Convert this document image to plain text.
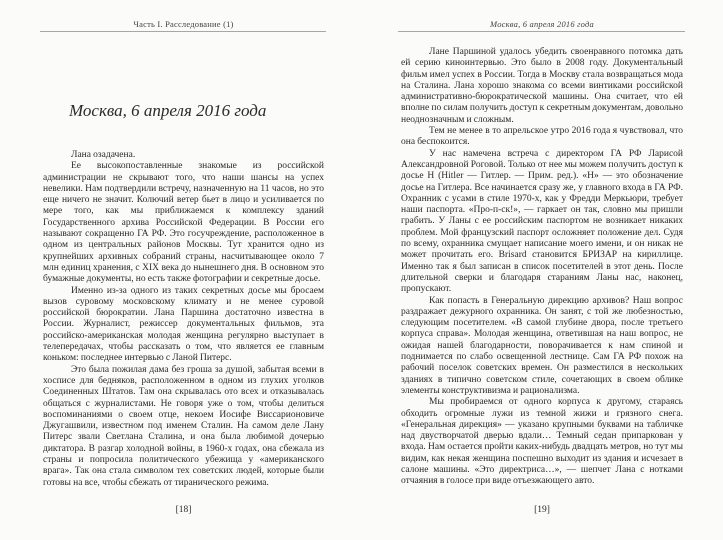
Часть I. Расследование (1)
Москва, 6 апреля 2016 года

Лана озадачена.

Ее высокопоставленные знакомые из российской администрации не скрывают того, что наши шансы на успех невелики. Нам подтвердили встречу, назначенную на 11 часов, но это еще ничего не значит. Колючий ветер бьет в лицо и усиливается по мере того, как мы приближаемся к комплексу зданий Государственного архива Российской Федерации. В России его называют сокращенно ГА РФ. Это госучреждение, расположенное в одном из центральных районов Москвы. Тут хранится одно из крупнейших архивных собраний страны, насчитывающее около 7 млн единиц хранения, с XIX века до нынешнего дня. В основном это бумажные документы, но есть также фотографии и секретные досье.

Именно из-за одного из таких секретных досье мы бросаем вызов суровому московскому климату и не менее суровой российской бюрократии. Лана Паршина достаточно известна в России. Журналист, режиссер документальных фильмов, эта российско-американская молодая женщина регулярно выступает в телепередачах, чтобы рассказать о том, что является ее главным коньком: последнее интервью с Ланой Питерс.

Это была пожилая дама без гроша за душой, забытая всеми в хосписе для бедняков, расположенном в одном из глухих уголков Соединенных Штатов. Там она скрывалась ото всех и отказывалась общаться с журналистами. Не говоря уже о том, чтобы делиться воспоминаниями о своем отце, некоем Иосифе Виссарионовиче Джугашвили, известном под именем Сталин. На самом деле Лану Питерс звали Светлана Сталина, и она была любимой дочерью диктатора. В разгар холодной войны, в 1960-х годах, она сбежала из страны и попросила политического убежища у «американского врага». Так она стала символом тех советских людей, которые были готовы на все, чтобы сбежать от тиранического режима.

[18]
Москва, 6 апреля 2016 года

Лане Паршиной удалось убедить своенравного потомка дать ей серию киноинтервью. Это было в 2008 году. Документальный фильм имел успех в России. Тогда в Москву стала возвращаться мода на Сталина. Лана хорошо знакома со всеми винтиками российской административно-бюрократической машины. Она считает, что ей вполне по силам получить доступ к секретным документам, довольно неоднозначным и сложным.

Тем не менее в то апрельское утро 2016 года я чувствовал, что она беспокоится.

У нас намечена встреча с директором ГА РФ Ларисой Александровной Роговой. Только от нее мы можем получить доступ к досье Н (Hitler — Гитлер. — Прим. ред.). «Н» — это обозначение досье на Гитлера. Все начинается сразу же, у главного входа в ГА РФ. Охранник с усами в стиле 1970-х, как у Фредди Меркьюри, требует наши паспорта. «Про-п-ск!», — гаркает он так, словно мы пришли грабить. У Ланы с ее российским паспортом не возникает никаких проблем. Мой французский паспорт осложняет положение дел. Судя по всему, охранника смущает написание моего имени, и он никак не может прочитать его. Brisard становится БРИЗАР на кириллице. Именно так я был записан в список посетителей в этот день. После длительной сверки и благодаря стараниям Ланы нас, наконец, пропускают.

Как попасть в Генеральную дирекцию архивов? Наш вопрос раздражает дежурного охранника. Он занят, с той же любезностью, следующим посетителем. «В самой глубине двора, после третьего корпуса справа». Молодая женщина, ответившая на наш вопрос, не ожидая нашей благодарности, поворачивается к нам спиной и поднимается по слабо освещенной лестнице. Сам ГА РФ похож на рабочий поселок советских времен. Он разместился в нескольких зданиях в типично советском стиле, сочетающих в своем облике элементы конструктивизма и рационализма.

Мы пробираемся от одного корпуса к другому, стараясь обходить огромные лужи из темной жижи и грязного снега. «Генеральная дирекция» — указано крупными буквами на табличке над двустворчатой дверью вдали… Темный седан припаркован у входа. Нам остается пройти каких-нибудь двадцать метров, но тут мы видим, как некая женщина поспешно выходит из здания и исчезает в салоне машины. «Это директриса…», — шепчет Лана с нотками отчаяния в голосе при виде отъезжающего авто.

[19]
